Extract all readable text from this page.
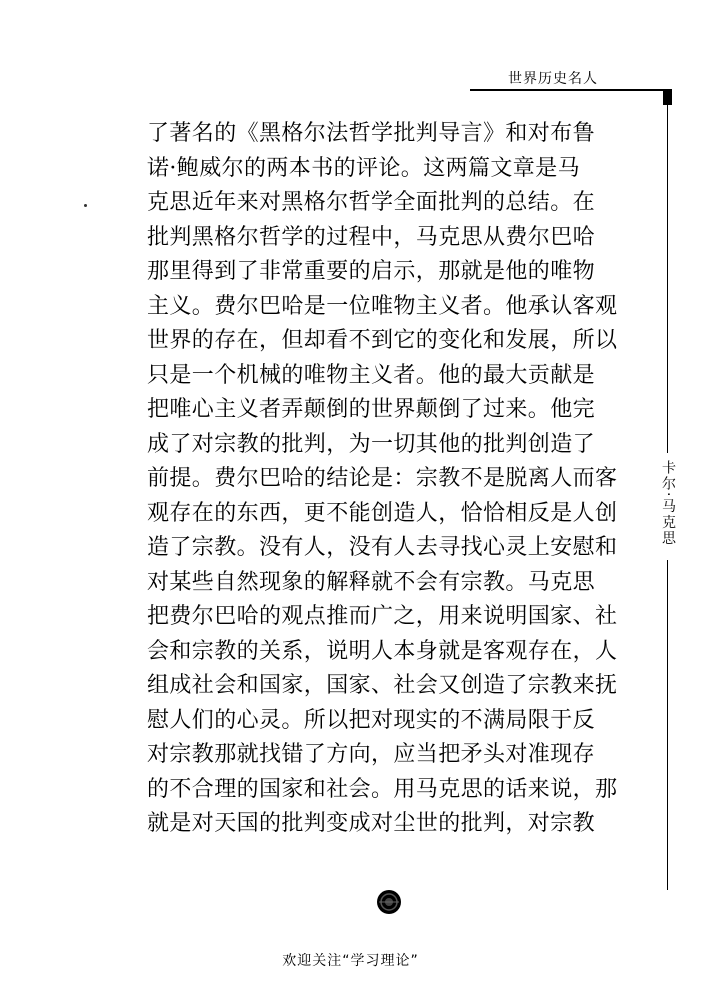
世界历史名人
卡尔·马克思
了著名的《黑格尔法哲学批判导言》和对布鲁
诺·鲍威尔的两本书的评论。这两篇文章是马
克思近年来对黑格尔哲学全面批判的总结。在
批判黑格尔哲学的过程中，马克思从费尔巴哈
那里得到了非常重要的启示，那就是他的唯物
主义。费尔巴哈是一位唯物主义者。他承认客观
世界的存在，但却看不到它的变化和发展，所以
只是一个机械的唯物主义者。他的最大贡献是
把唯心主义者弄颠倒的世界颠倒了过来。他完
成了对宗教的批判，为一切其他的批判创造了
前提。费尔巴哈的结论是：宗教不是脱离人而客
观存在的东西，更不能创造人，恰恰相反是人创
造了宗教。没有人，没有人去寻找心灵上安慰和
对某些自然现象的解释就不会有宗教。马克思
把费尔巴哈的观点推而广之，用来说明国家、社
会和宗教的关系，说明人本身就是客观存在，人
组成社会和国家，国家、社会又创造了宗教来抚
慰人们的心灵。所以把对现实的不满局限于反
对宗教那就找错了方向，应当把矛头对准现存
的不合理的国家和社会。用马克思的话来说，那
就是对天国的批判变成对尘世的批判，对宗教
欢迎关注“学习理论”
